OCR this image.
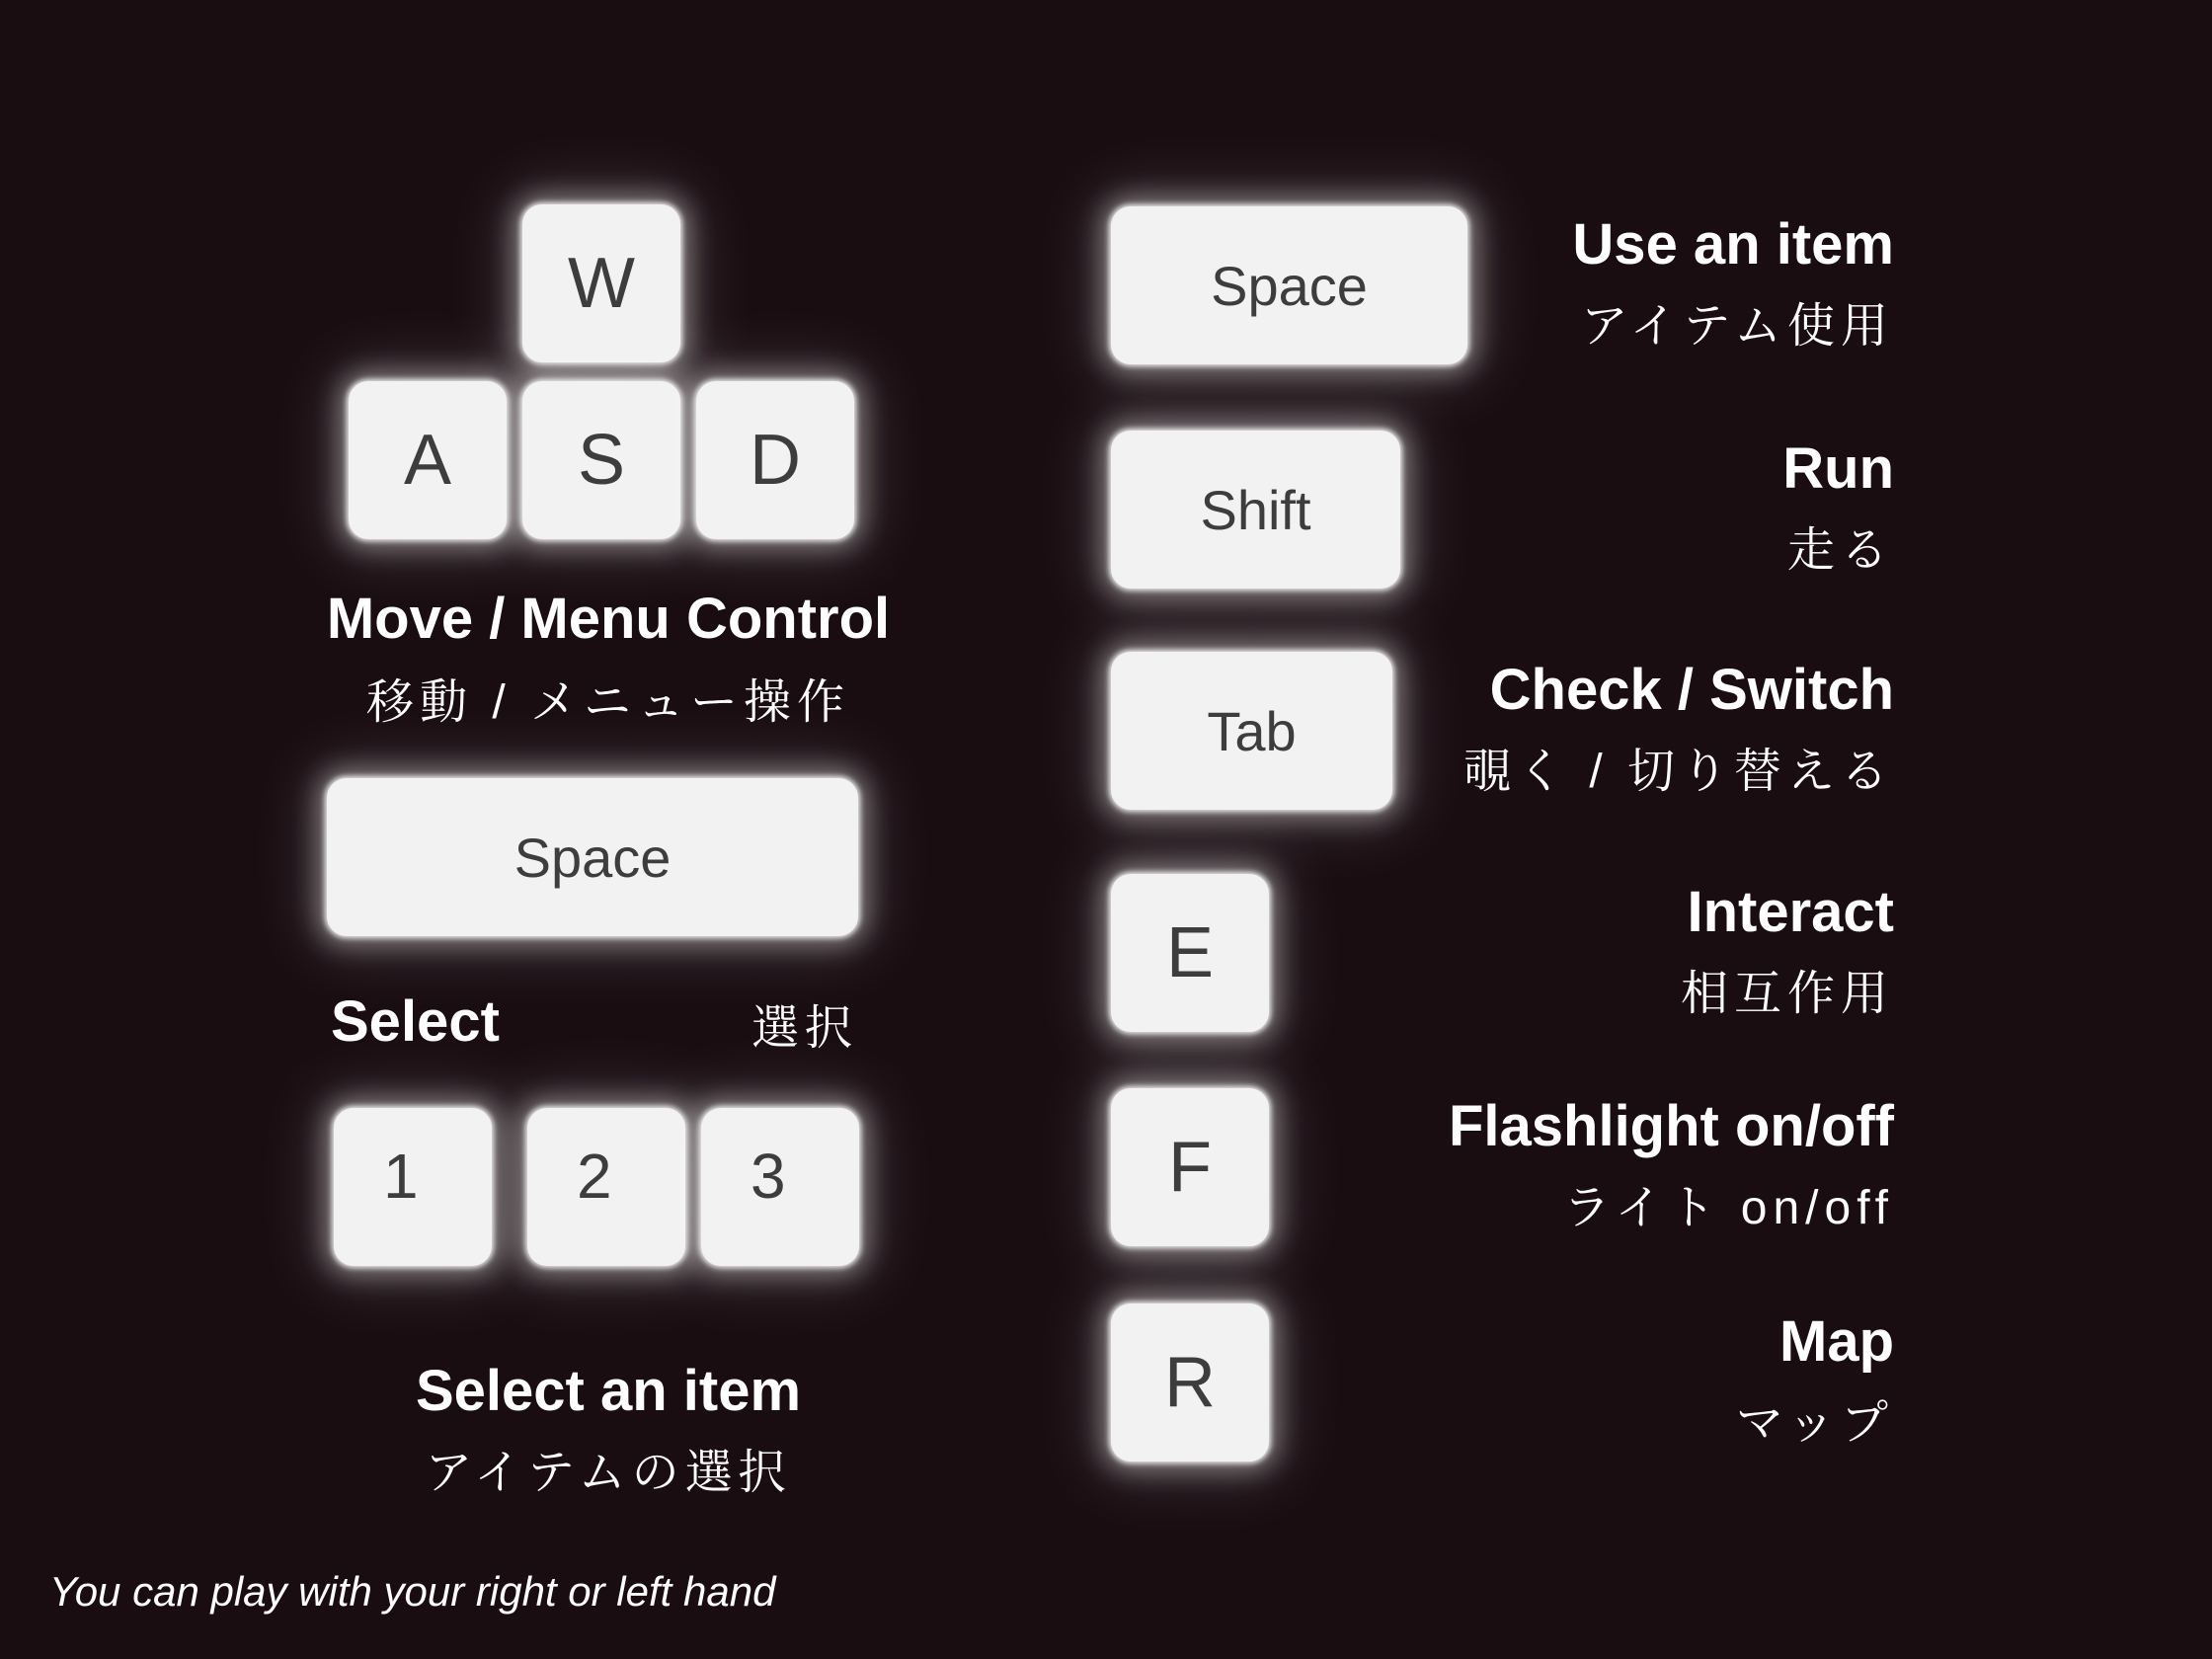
W
A	S	D
Move / Menu Control
移動 / メニュー操作
Space
Select	選択
1	2	3
Select an item
アイテムの選択
Space
Use an item
アイテム使用
Shift
Run
走る
Tab
Check / Switch
覗く / 切り替える
E
Interact
相互作用
F
Flashlight on/off
ライト on/off
R
Map
マップ
You can play with your right or left hand
